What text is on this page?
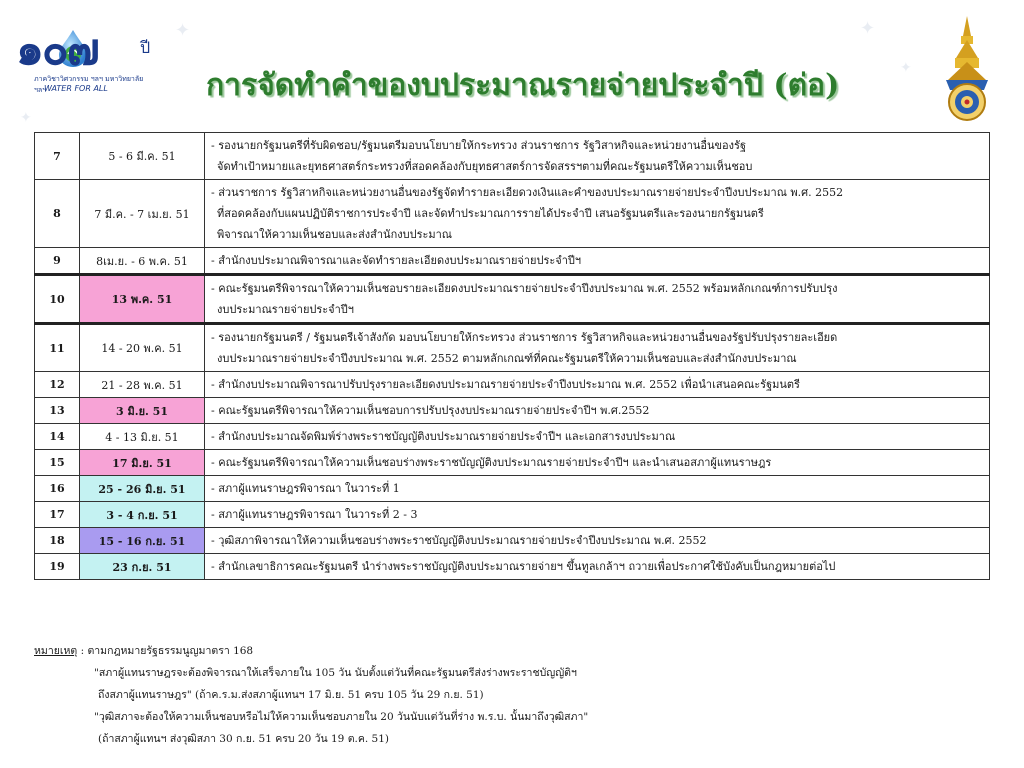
✦	✦
✦
✦
๑๐๗	ปี
ภาควิชาวิศวกรรม ฯลฯ มหาวิทยาลัย ฯลฯ
WATER FOR ALL	การจัดทำคำของบประมาณรายจ่ายประจำปี (ต่อ)
7	5 - 6 มี.ค. 51	- รองนายกรัฐมนตรีที่รับผิดชอบ/รัฐมนตรีมอบนโยบายให้กระทรวง ส่วนราชการ รัฐวิสาหกิจและหน่วยงานอื่นของรัฐ
จัดทำเป้าหมายและยุทธศาสตร์กระทรวงที่สอดคล้องกับยุทธศาสตร์การจัดสรรฯตามที่คณะรัฐมนตรีให้ความเห็นชอบ

8	7 มี.ค. - 7 เม.ย. 51	- ส่วนราชการ รัฐวิสาหกิจและหน่วยงานอื่นของรัฐจัดทำรายละเอียดวงเงินและคำของบประมาณรายจ่ายประจำปีงบประมาณ พ.ศ. 2552
ที่สอดคล้องกับแผนปฏิบัติราชการประจำปี และจัดทำประมาณการรายได้ประจำปี เสนอรัฐมนตรีและรองนายกรัฐมนตรี
พิจารณาให้ความเห็นชอบและส่งสำนักงบประมาณ

9	8เม.ย. - 6 พ.ค. 51	- สำนักงบประมาณพิจารณาและจัดทำรายละเอียดงบประมาณรายจ่ายประจำปีฯ

10	13 พ.ค. 51	- คณะรัฐมนตรีพิจารณาให้ความเห็นชอบรายละเอียดงบประมาณรายจ่ายประจำปีงบประมาณ พ.ศ. 2552 พร้อมหลักเกณฑ์การปรับปรุง
งบประมาณรายจ่ายประจำปีฯ

11	14 - 20 พ.ค. 51	- รองนายกรัฐมนตรี / รัฐมนตรีเจ้าสังกัด มอบนโยบายให้กระทรวง ส่วนราชการ รัฐวิสาหกิจและหน่วยงานอื่นของรัฐปรับปรุงรายละเอียด
งบประมาณรายจ่ายประจำปีงบประมาณ พ.ศ. 2552 ตามหลักเกณฑ์ที่คณะรัฐมนตรีให้ความเห็นชอบและส่งสำนักงบประมาณ

12	21 - 28 พ.ค. 51	- สำนักงบประมาณพิจารณาปรับปรุงรายละเอียดงบประมาณรายจ่ายประจำปีงบประมาณ พ.ศ. 2552 เพื่อนำเสนอคณะรัฐมนตรี

13	3 มิ.ย. 51	- คณะรัฐมนตรีพิจารณาให้ความเห็นชอบการปรับปรุงงบประมาณรายจ่ายประจำปีฯ พ.ศ.2552

14	4 - 13 มิ.ย. 51	- สำนักงบประมาณจัดพิมพ์ร่างพระราชบัญญัติงบประมาณรายจ่ายประจำปีฯ และเอกสารงบประมาณ

15	17 มิ.ย. 51	- คณะรัฐมนตรีพิจารณาให้ความเห็นชอบร่างพระราชบัญญัติงบประมาณรายจ่ายประจำปีฯ และนำเสนอสภาผู้แทนราษฎร

16	25 - 26 มิ.ย. 51	- สภาผู้แทนราษฎรพิจารณา ในวาระที่ 1

17	3 - 4 ก.ย. 51	- สภาผู้แทนราษฎรพิจารณา ในวาระที่ 2 - 3

18	15 - 16 ก.ย. 51	- วุฒิสภาพิจารณาให้ความเห็นชอบร่างพระราชบัญญัติงบประมาณรายจ่ายประจำปีงบประมาณ พ.ศ. 2552

19	23 ก.ย. 51	- สำนักเลขาธิการคณะรัฐมนตรี นำร่างพระราชบัญญัติงบประมาณรายจ่ายฯ ขึ้นทูลเกล้าฯ ถวายเพื่อประกาศใช้บังคับเป็นกฎหมายต่อไป
หมายเหตุ : ตามกฎหมายรัฐธรรมนูญมาตรา 168
"สภาผู้แทนราษฎรจะต้องพิจารณาให้เสร็จภายใน 105 วัน นับตั้งแต่วันที่คณะรัฐมนตรีส่งร่างพระราชบัญญัติฯ
ถึงสภาผู้แทนราษฎร" (ถ้าค.ร.ม.ส่งสภาผู้แทนฯ 17 มิ.ย. 51 ครบ 105 วัน 29 ก.ย. 51)
"วุฒิสภาจะต้องให้ความเห็นชอบหรือไม่ให้ความเห็นชอบภายใน 20 วันนับแต่วันที่ร่าง พ.ร.บ. นั้นมาถึงวุฒิสภา"
(ถ้าสภาผู้แทนฯ ส่งวุฒิสภา 30 ก.ย. 51 ครบ 20 วัน 19 ต.ค. 51)
